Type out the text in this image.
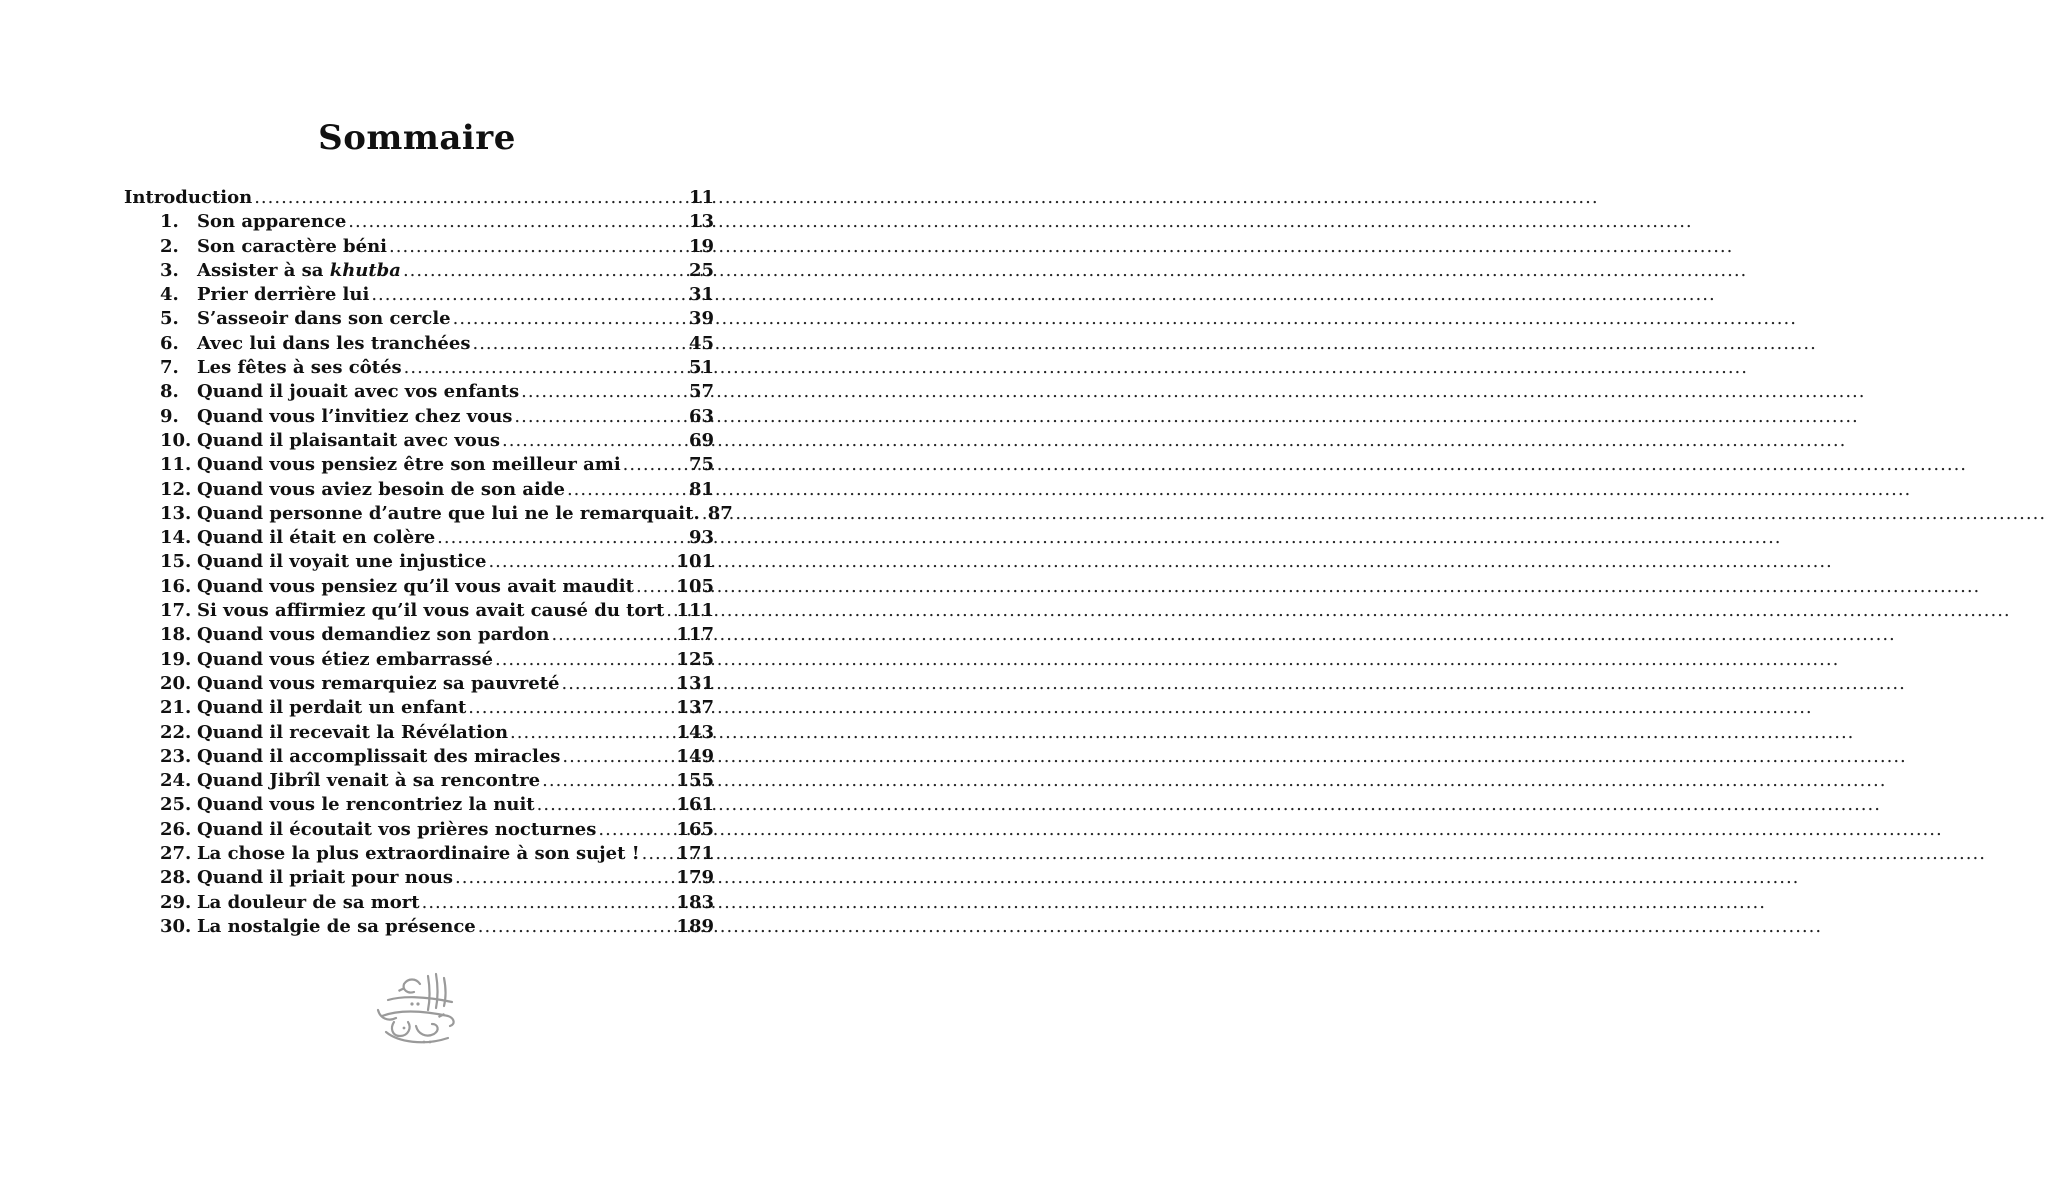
Sommaire
Introduction .....	11
1.	Son apparence .....	13
2.	Son caractère béni .....	19
3.	Assister à sa khutba .....	25
4.	Prier derrière lui .....	31
5.	S’asseoir dans son cercle .....	39
6.	Avec lui dans les tranchées .....	45
7.	Les fêtes à ses côtés .....	51
8.	Quand il jouait avec vos enfants .....	57
9.	Quand vous l’invitiez chez vous .....	63
10. Quand il plaisantait avec vous .....	69
11. Quand vous pensiez être son meilleur ami .....	75
12. Quand vous aviez besoin de son aide .....	81
13. Quand personne d’autre que lui ne le remarquait. ..... 87
14. Quand il était en colère .....	93
15. Quand il voyait une injustice .....	101
16. Quand vous pensiez qu’il vous avait maudit ..... 105
17. Si vous affirmiez qu’il vous avait causé du tort ..... 111
18. Quand vous demandiez son pardon .....	117
19. Quand vous étiez embarrassé .....	125
20. Quand vous remarquiez sa pauvreté .....	131
21. Quand il perdait un enfant .....	137
22. Quand il recevait la Révélation .....	143
23. Quand il accomplissait des miracles .....	149
24. Quand Jibrîl venait à sa rencontre .....	155
25. Quand vous le rencontriez la nuit .....	161
26. Quand il écoutait vos prières nocturnes .....	165
27. La chose la plus extraordinaire à son sujet ! ..... 171
28. Quand il priait pour nous .....	179
29. La douleur de sa mort .....	183
30. La nostalgie de sa présence .....	189
